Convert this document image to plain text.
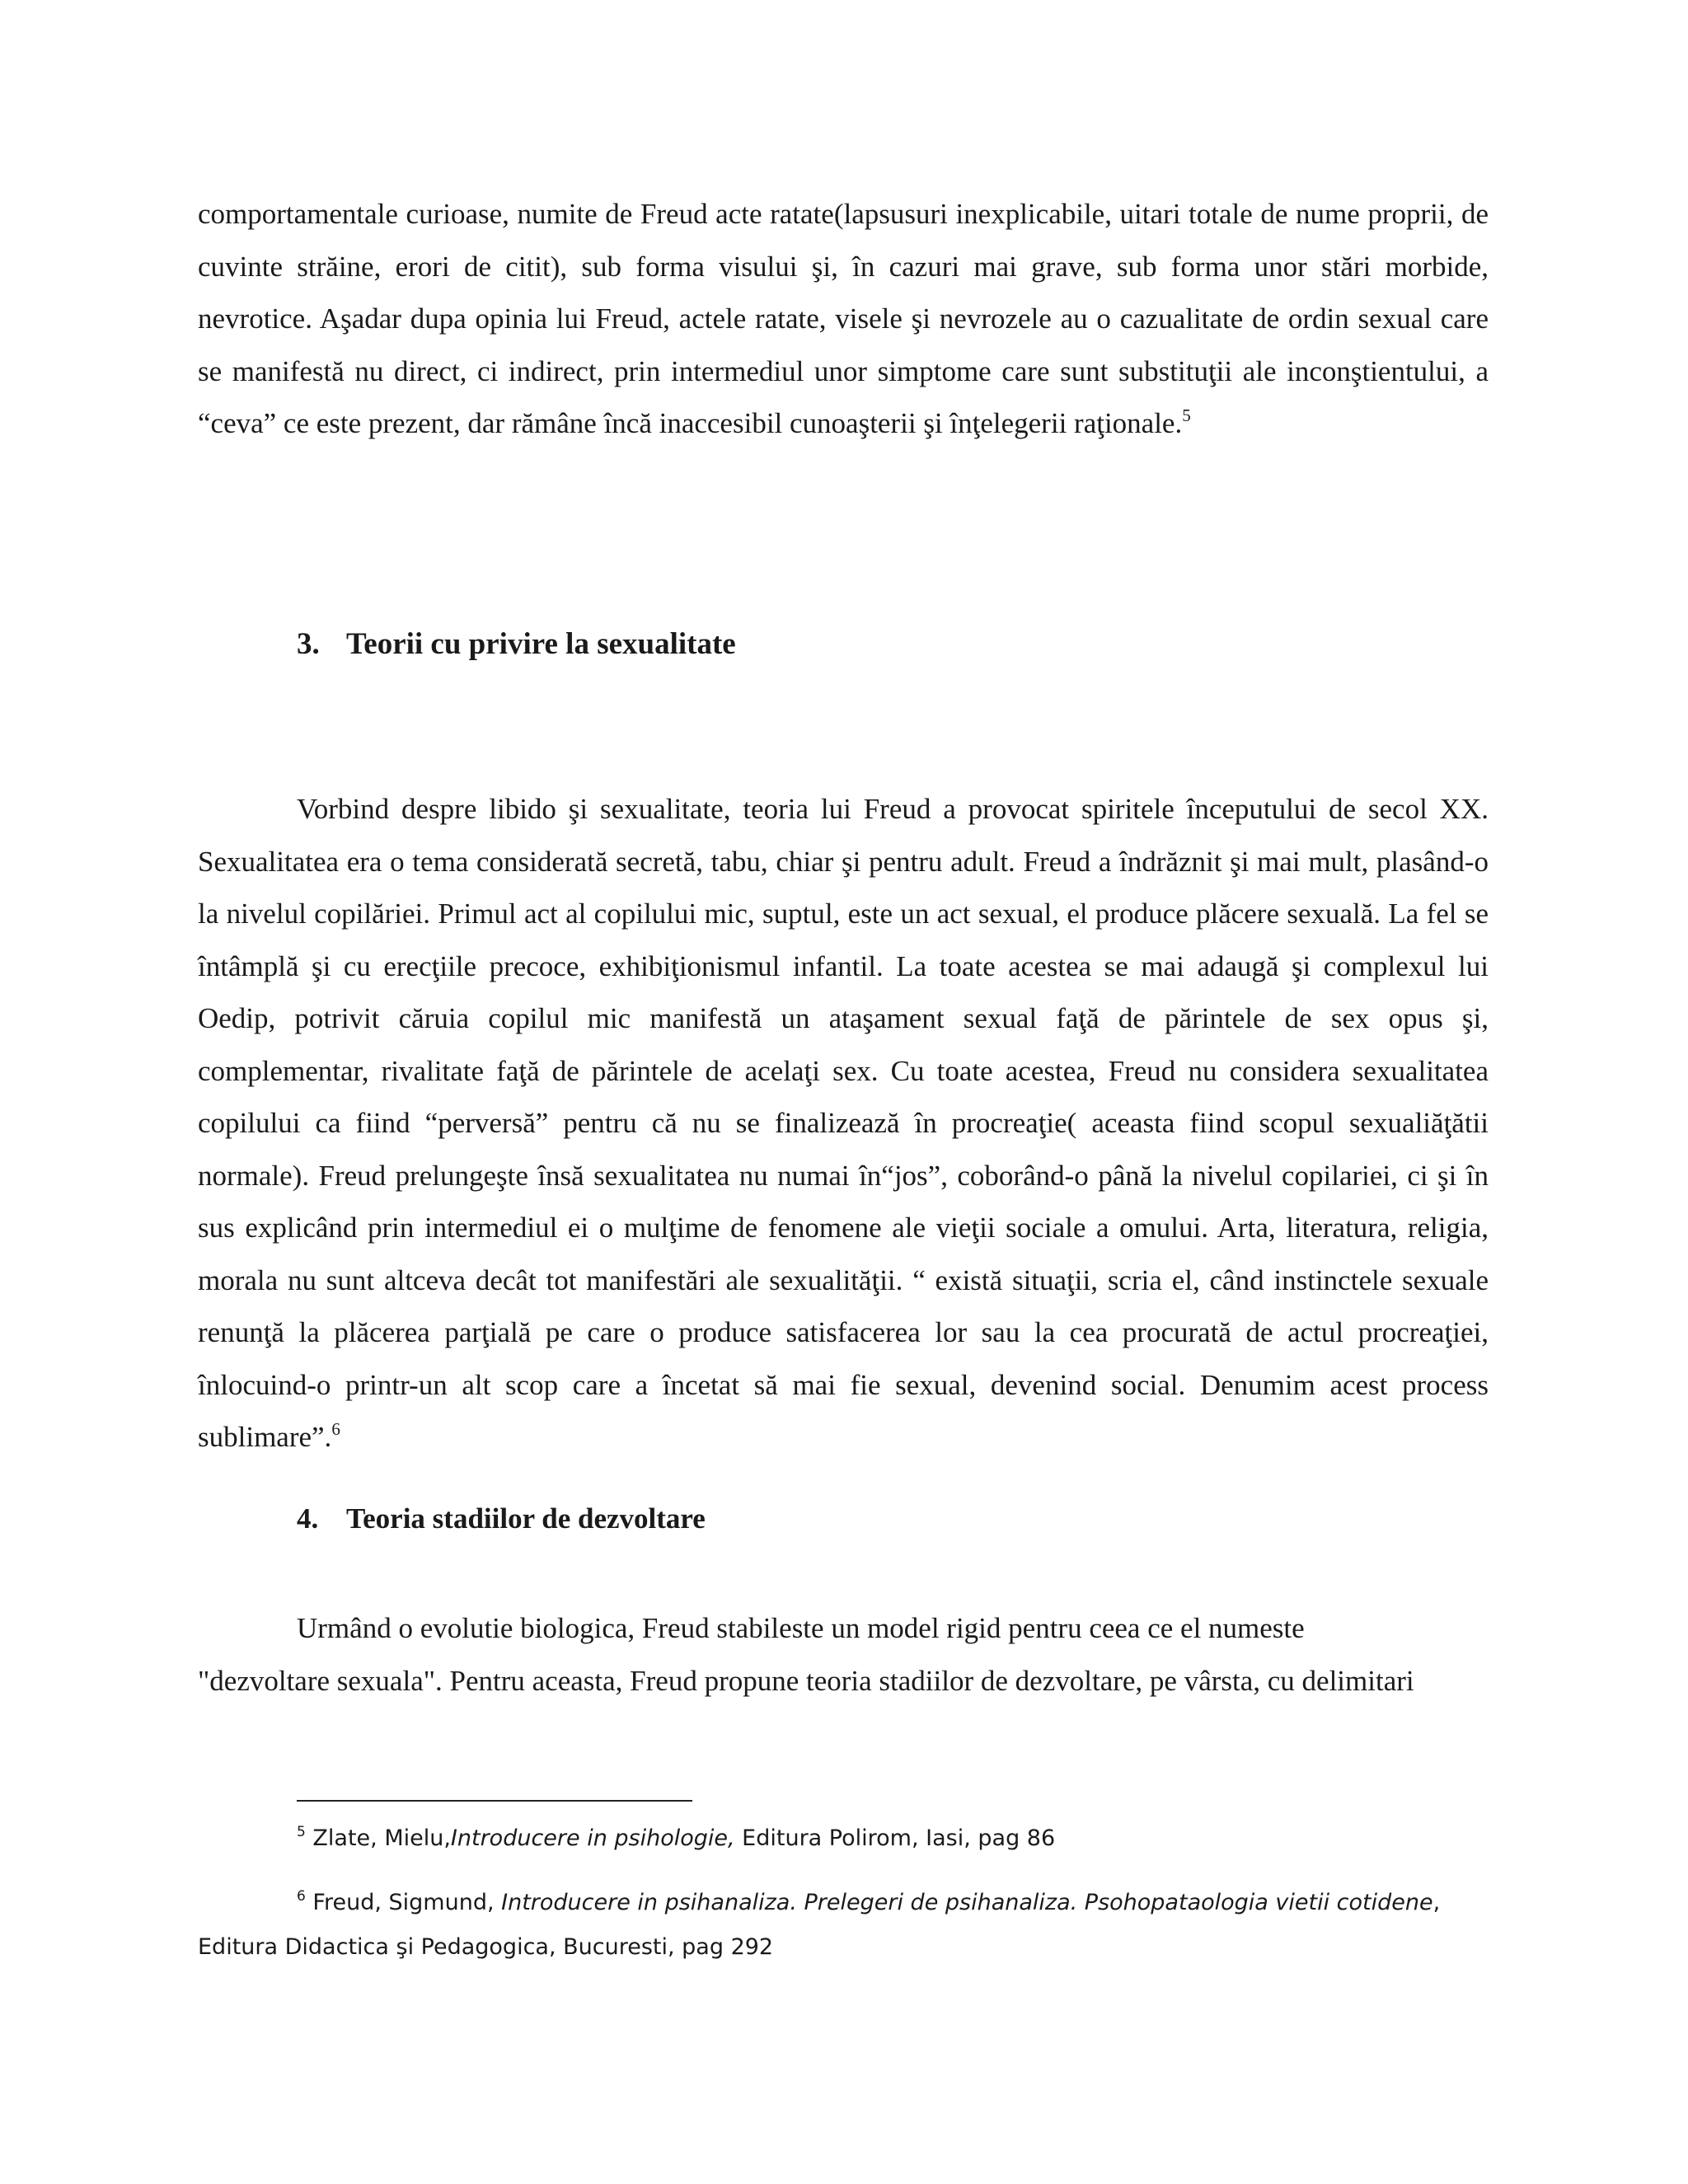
comportamentale curioase, numite de Freud acte ratate(lapsusuri inexplicabile, uitari totale de nume proprii, de cuvinte străine, erori de citit), sub forma visului şi, în cazuri mai grave, sub forma unor stări morbide, nevrotice. Aşadar dupa opinia lui Freud, actele ratate, visele şi nevrozele au o cazualitate de ordin sexual care se manifestă nu direct, ci indirect, prin intermediul unor simptome care sunt substituţii ale inconştientului, a “ceva” ce este prezent, dar rămâne încă inaccesibil cunoaşterii şi înţelegerii raţionale.$^5$

3. Teorii cu privire la sexualitate

Vorbind despre libido şi sexualitate, teoria lui Freud a provocat spiritele începutului de secol XX. Sexualitatea era o tema considerată secretă, tabu, chiar şi pentru adult. Freud a îndrăznit şi mai mult, plasând-o la nivelul copilăriei. Primul act al copilului mic, suptul, este un act sexual, el produce plăcere sexuală. La fel se întâmplă şi cu erecţiile precoce, exhibiţionismul infantil. La toate acestea se mai adaugă şi complexul lui Oedip, potrivit căruia copilul mic manifestă un ataşament sexual faţă de părintele de sex opus şi, complementar, rivalitate faţă de părintele de acelaţi sex. Cu toate acestea, Freud nu considera sexualitatea copilului ca fiind “perversă” pentru că nu se finalizează în procreaţie( aceasta fiind scopul sexualiăţătii normale). Freud prelungeşte însă sexualitatea nu numai în“jos”, coborând-o până la nivelul copilariei, ci şi în sus explicând prin intermediul ei o mulţime de fenomene ale vieţii sociale a omului. Arta, literatura, religia, morala nu sunt altceva decât tot manifestări ale sexualităţii. “ există situaţii, scria el, când instinctele sexuale renunţă la plăcerea parţială pe care o produce satisfacerea lor sau la cea procurată de actul procreaţiei, înlocuind-o printr-un alt scop care a încetat să mai fie sexual, devenind social. Denumim acest process sublimare”.$^6$

4. Teoria stadiilor de dezvoltare

Urmând o evolutie biologica, Freud stabileste un model rigid pentru ceea ce el numeste
"dezvoltare sexuala". Pentru aceasta, Freud propune teoria stadiilor de dezvoltare, pe vârsta, cu delimitari

$^5$ Zlate, Mielu,Introducere in psihologie, Editura Polirom, Iasi, pag 86

$^6$ Freud, Sigmund, Introducere in psihanaliza. Prelegeri de psihanaliza. Psohopataologia vietii cotidene,
Editura Didactica şi Pedagogica, Bucuresti, pag 292
